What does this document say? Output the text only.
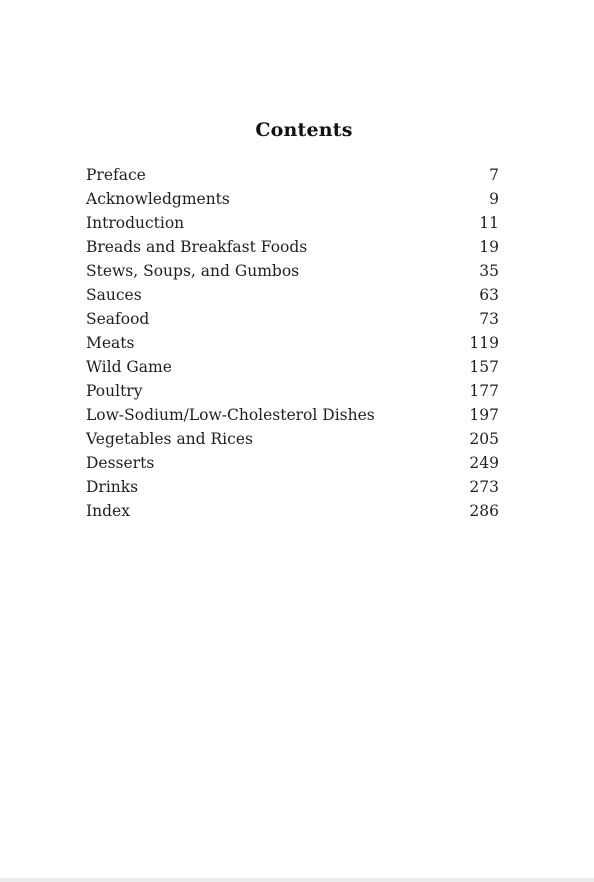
Contents
Preface	7
Acknowledgments	9
Introduction	11
Breads and Breakfast Foods	19
Stews, Soups, and Gumbos	35
Sauces	63
Seafood	73
Meats	119
Wild Game	157
Poultry	177
Low-Sodium/Low-Cholesterol Dishes	197
Vegetables and Rices	205
Desserts	249
Drinks	273
Index	286
